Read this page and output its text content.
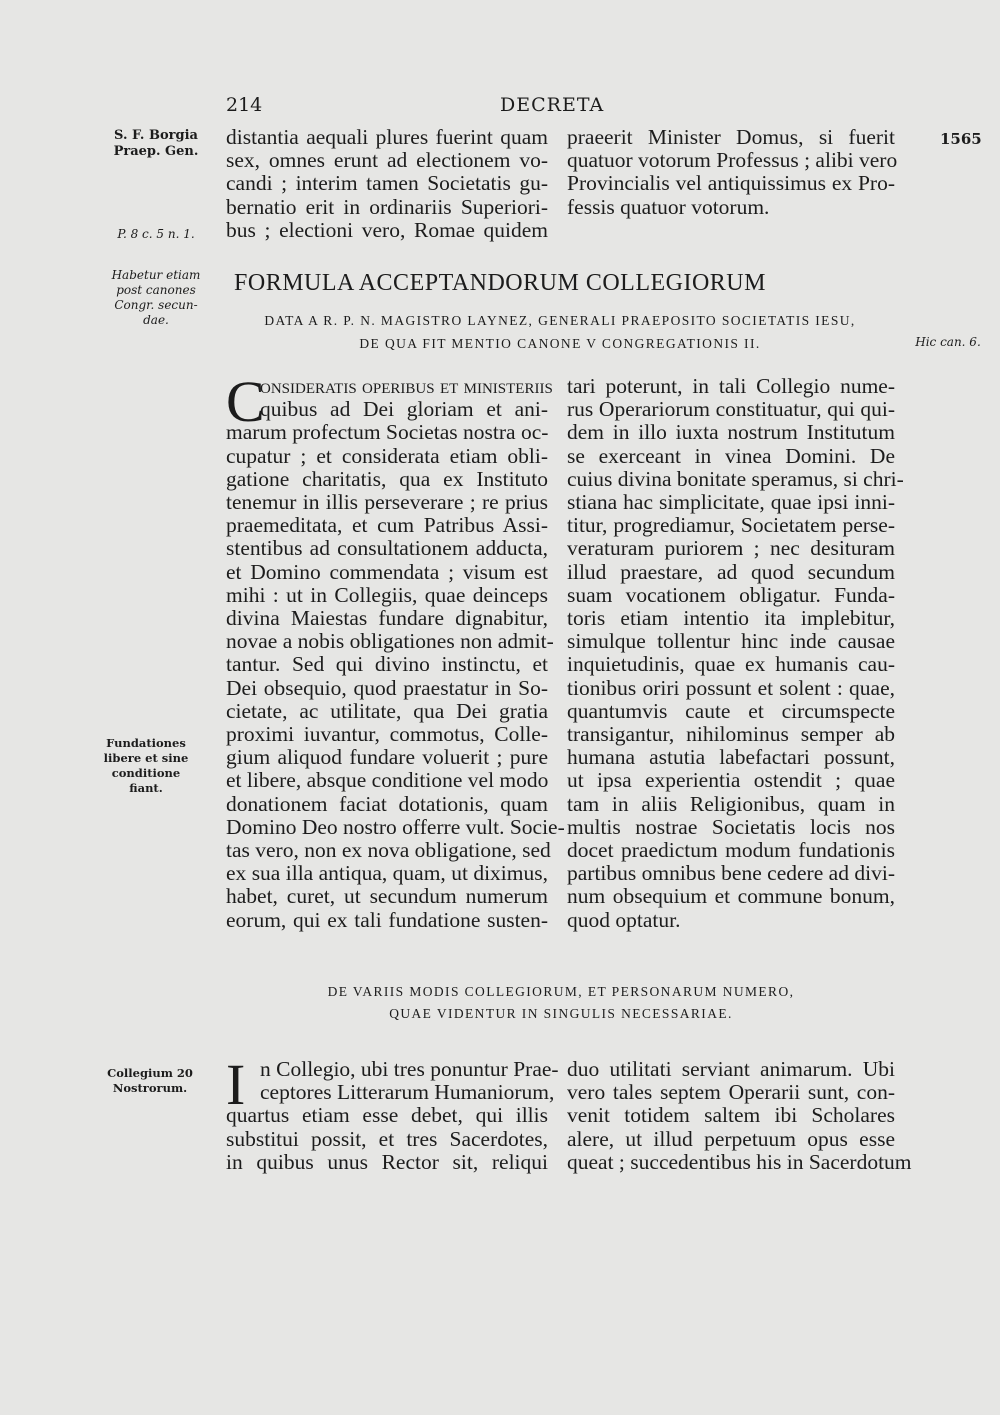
214	DECRETA
1565
S. F. Borgia
Praep. Gen.
P. 8 c. 5 n. 1.
Habetur etiam
post canones
Congr. secun-
dae.
Fundationes
libere et sine
conditione
fiant.
Collegium 20
Nostrorum.
Hic can. 6.

distantia aequali plures fuerint quam

sex, omnes erunt ad electionem vo-

candi ; interim tamen Societatis gu-

bernatio erit in ordinariis Superiori-

bus ; electioni vero, Romae quidem

praeerit Minister Domus, si fuerit

quatuor votorum Professus ; alibi vero

Provincialis vel antiquissimus ex Pro-

fessis quatuor votorum.

FORMULA ACCEPTANDORUM COLLEGIORUM
DATA A R. P. N. MAGISTRO LAYNEZ, GENERALI PRAEPOSITO SOCIETATIS IESU,
DE QUA FIT MENTIO CANONE V CONGREGATIONIS II.
C

onsideratis operibus et ministeriis

quibus ad Dei gloriam et ani-

marum profectum Societas nostra oc-

cupatur ; et considerata etiam obli-

gatione charitatis, qua ex Instituto

tenemur in illis perseverare ; re prius

praemeditata, et cum Patribus Assi-

stentibus ad consultationem adducta,

et Domino commendata ; visum est

mihi : ut in Collegiis, quae deinceps

divina Maiestas fundare dignabitur,

novae a nobis obligationes non admit-

tantur. Sed qui divino instinctu, et

Dei obsequio, quod praestatur in So-

cietate, ac utilitate, qua Dei gratia

proximi iuvantur, commotus, Colle-

gium aliquod fundare voluerit ; pure

et libere, absque conditione vel modo

donationem faciat dotationis, quam

Domino Deo nostro offerre vult. Socie-

tas vero, non ex nova obligatione, sed

ex sua illa antiqua, quam, ut diximus,

habet, curet, ut secundum numerum

eorum, qui ex tali fundatione susten-

tari poterunt, in tali Collegio nume-

rus Operariorum constituatur, qui qui-

dem in illo iuxta nostrum Institutum

se exerceant in vinea Domini. De

cuius divina bonitate speramus, si chri-

stiana hac simplicitate, quae ipsi inni-

titur, progrediamur, Societatem perse-

veraturam puriorem ; nec desituram

illud praestare, ad quod secundum

suam vocationem obligatur. Funda-

toris etiam intentio ita implebitur,

simulque tollentur hinc inde causae

inquietudinis, quae ex humanis cau-

tionibus oriri possunt et solent : quae,

quantumvis caute et circumspecte

transigantur, nihilominus semper ab

humana astutia labefactari possunt,

ut ipsa experientia ostendit ; quae

tam in aliis Religionibus, quam in

multis nostrae Societatis locis nos

docet praedictum modum fundationis

partibus omnibus bene cedere ad divi-

num obsequium et commune bonum,

quod optatur.

DE VARIIS MODIS COLLEGIORUM, ET PERSONARUM NUMERO,
QUAE VIDENTUR IN SINGULIS NECESSARIAE.
I n Collegio, ubi tres ponuntur Prae-

ceptores Litterarum Humaniorum,

quartus etiam esse debet, qui illis

substitui possit, et tres Sacerdotes,

in quibus unus Rector sit, reliqui

duo utilitati serviant animarum. Ubi

vero tales septem Operarii sunt, con-

venit totidem saltem ibi Scholares

alere, ut illud perpetuum opus esse

queat ; succedentibus his in Sacerdotum
